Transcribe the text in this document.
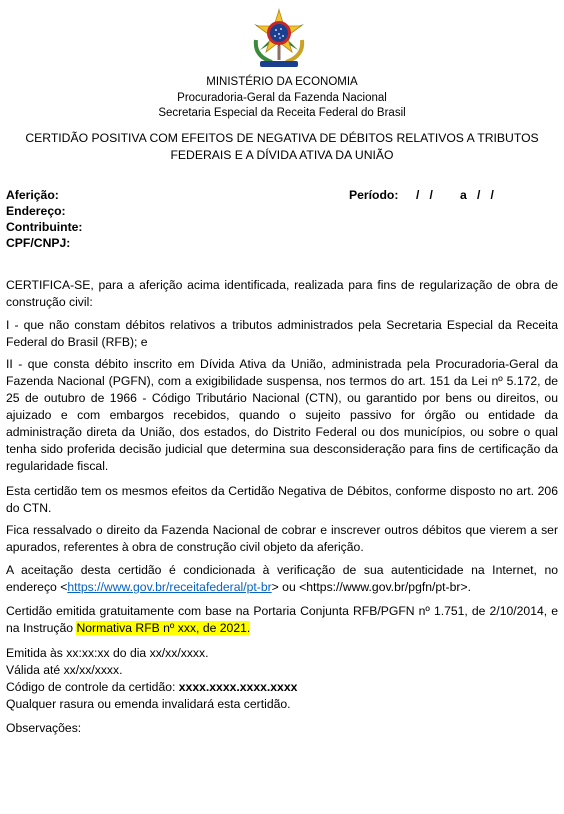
MINISTÉRIO DA ECONOMIA
Procuradoria-Geral da Fazenda Nacional
Secretaria Especial da Receita Federal do Brasil
CERTIDÃO POSITIVA COM EFEITOS DE NEGATIVA DE DÉBITOS RELATIVOS A TRIBUTOS FEDERAIS E A DÍVIDA ATIVA DA UNIÃO
Aferição:	Período: /   /        a   /   /
Endereço:
Contribuinte:
CPF/CNPJ:
CERTIFICA-SE, para a aferição acima identificada, realizada para fins de regularização de obra de construção civil:
I - que não constam débitos relativos a tributos administrados pela Secretaria Especial da Receita Federal do Brasil (RFB); e
II - que consta débito inscrito em Dívida Ativa da União, administrada pela Procuradoria-Geral da Fazenda Nacional (PGFN), com a exigibilidade suspensa, nos termos do art. 151 da Lei nº 5.172, de 25 de outubro de 1966 - Código Tributário Nacional (CTN), ou garantido por bens ou direitos, ou ajuizado e com embargos recebidos, quando o sujeito passivo for órgão ou entidade da administração direta da União, dos estados, do Distrito Federal ou dos municípios, ou sobre o qual tenha sido proferida decisão judicial que determina sua desconsideração para fins de certificação da regularidade fiscal.
Esta certidão tem os mesmos efeitos da Certidão Negativa de Débitos, conforme disposto no art. 206 do CTN.
Fica ressalvado o direito da Fazenda Nacional de cobrar e inscrever outros débitos que vierem a ser apurados, referentes à obra de construção civil objeto da aferição.
A aceitação desta certidão é condicionada à verificação de sua autenticidade na Internet, no endereço <https://www.gov.br/receitafederal/pt-br> ou <https://www.gov.br/pgfn/pt-br>.
Certidão emitida gratuitamente com base na Portaria Conjunta RFB/PGFN nº 1.751, de 2/10/2014, e na Instrução Normativa RFB nº xxx, de 2021.
Emitida às xx:xx:xx do dia xx/xx/xxxx.
Válida até xx/xx/xxxx.
Código de controle da certidão: xxxx.xxxx.xxxx.xxxx
Qualquer rasura ou emenda invalidará esta certidão.
Observações:
